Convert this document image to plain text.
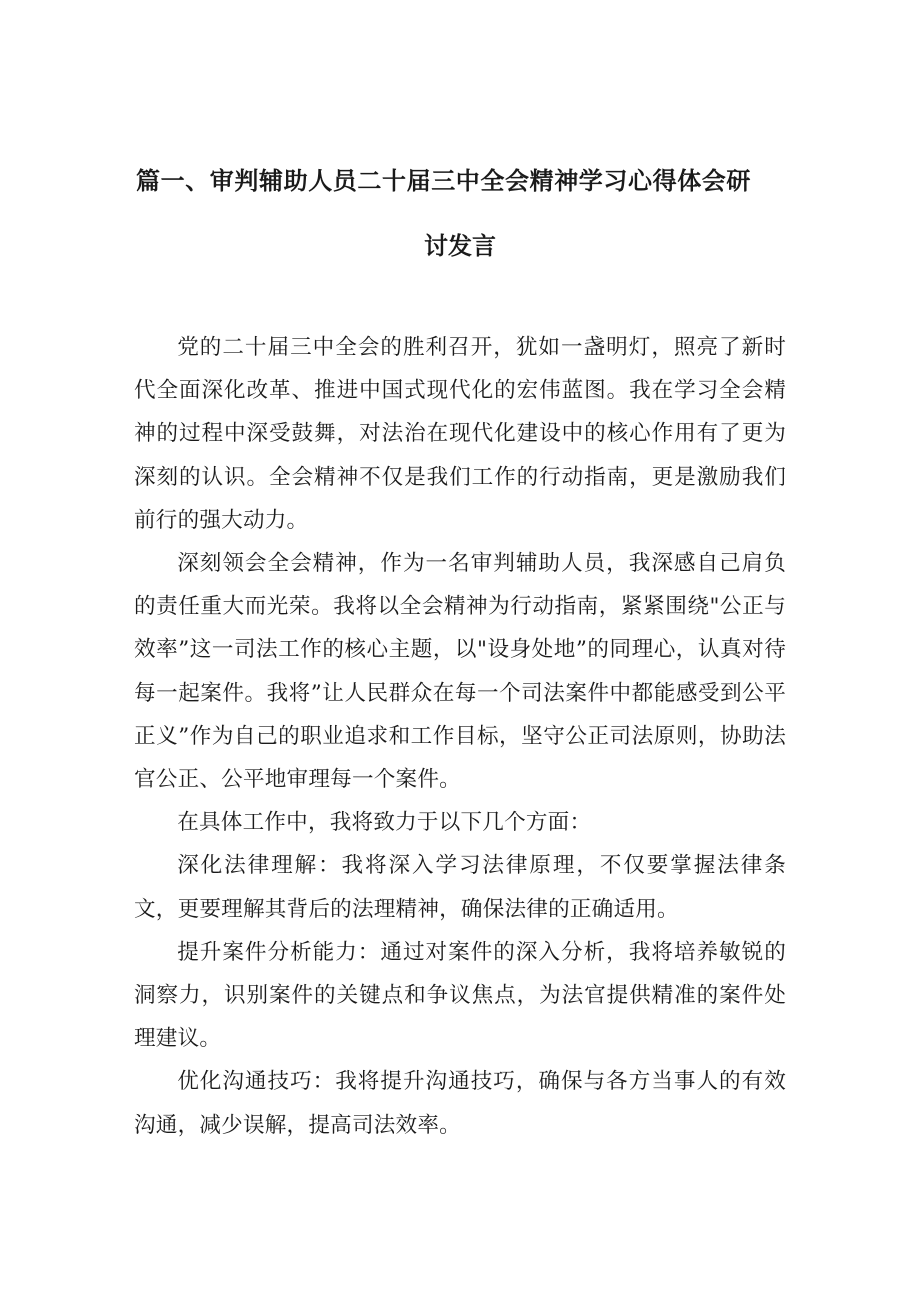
篇一、审判辅助人员二十届三中全会精神学习心得体会研
讨发言

党的二十届三中全会的胜利召开，犹如一盏明灯，照亮了新时代全面深化改革、推进中国式现代化的宏伟蓝图。我在学习全会精神的过程中深受鼓舞，对法治在现代化建设中的核心作用有了更为深刻的认识。全会精神不仅是我们工作的行动指南，更是激励我们前行的强大动力。

深刻领会全会精神，作为一名审判辅助人员，我深感自己肩负的责任重大而光荣。我将以全会精神为行动指南，紧紧围绕"公正与效率”这一司法工作的核心主题，以"设身处地”的同理心，认真对待每一起案件。我将”让人民群众在每一个司法案件中都能感受到公平正义”作为自己的职业追求和工作目标，坚守公正司法原则，协助法官公正、公平地审理每一个案件。

在具体工作中，我将致力于以下几个方面：

深化法律理解：我将深入学习法律原理，不仅要掌握法律条文，更要理解其背后的法理精神，确保法律的正确适用。

提升案件分析能力：通过对案件的深入分析，我将培养敏锐的洞察力，识别案件的关键点和争议焦点，为法官提供精准的案件处理建议。

优化沟通技巧：我将提升沟通技巧，确保与各方当事人的有效沟通，减少误解，提高司法效率。
